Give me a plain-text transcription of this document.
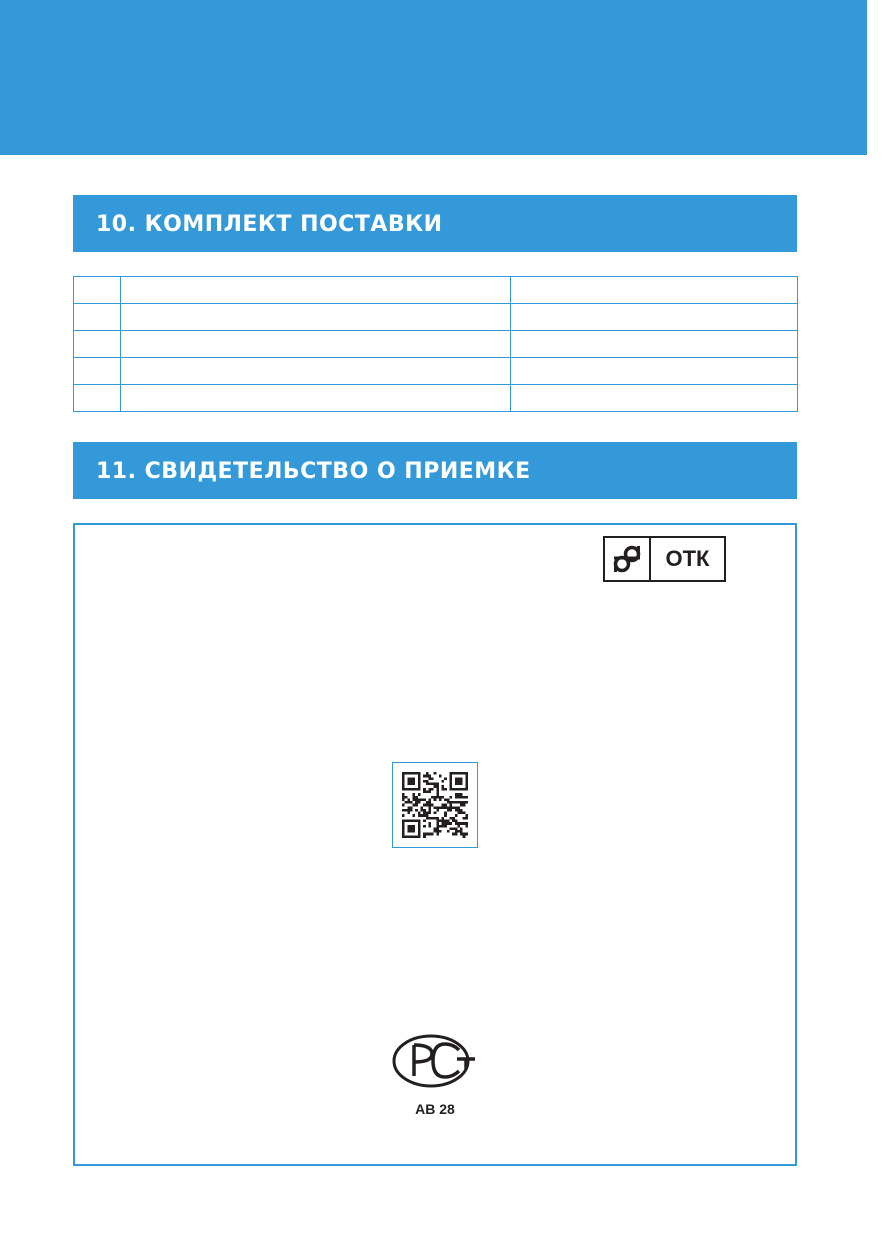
10. КОМПЛЕКТ ПОСТАВКИ

11. СВИДЕТЕЛЬСТВО О ПРИЕМКЕ
ОТК
АВ 28
